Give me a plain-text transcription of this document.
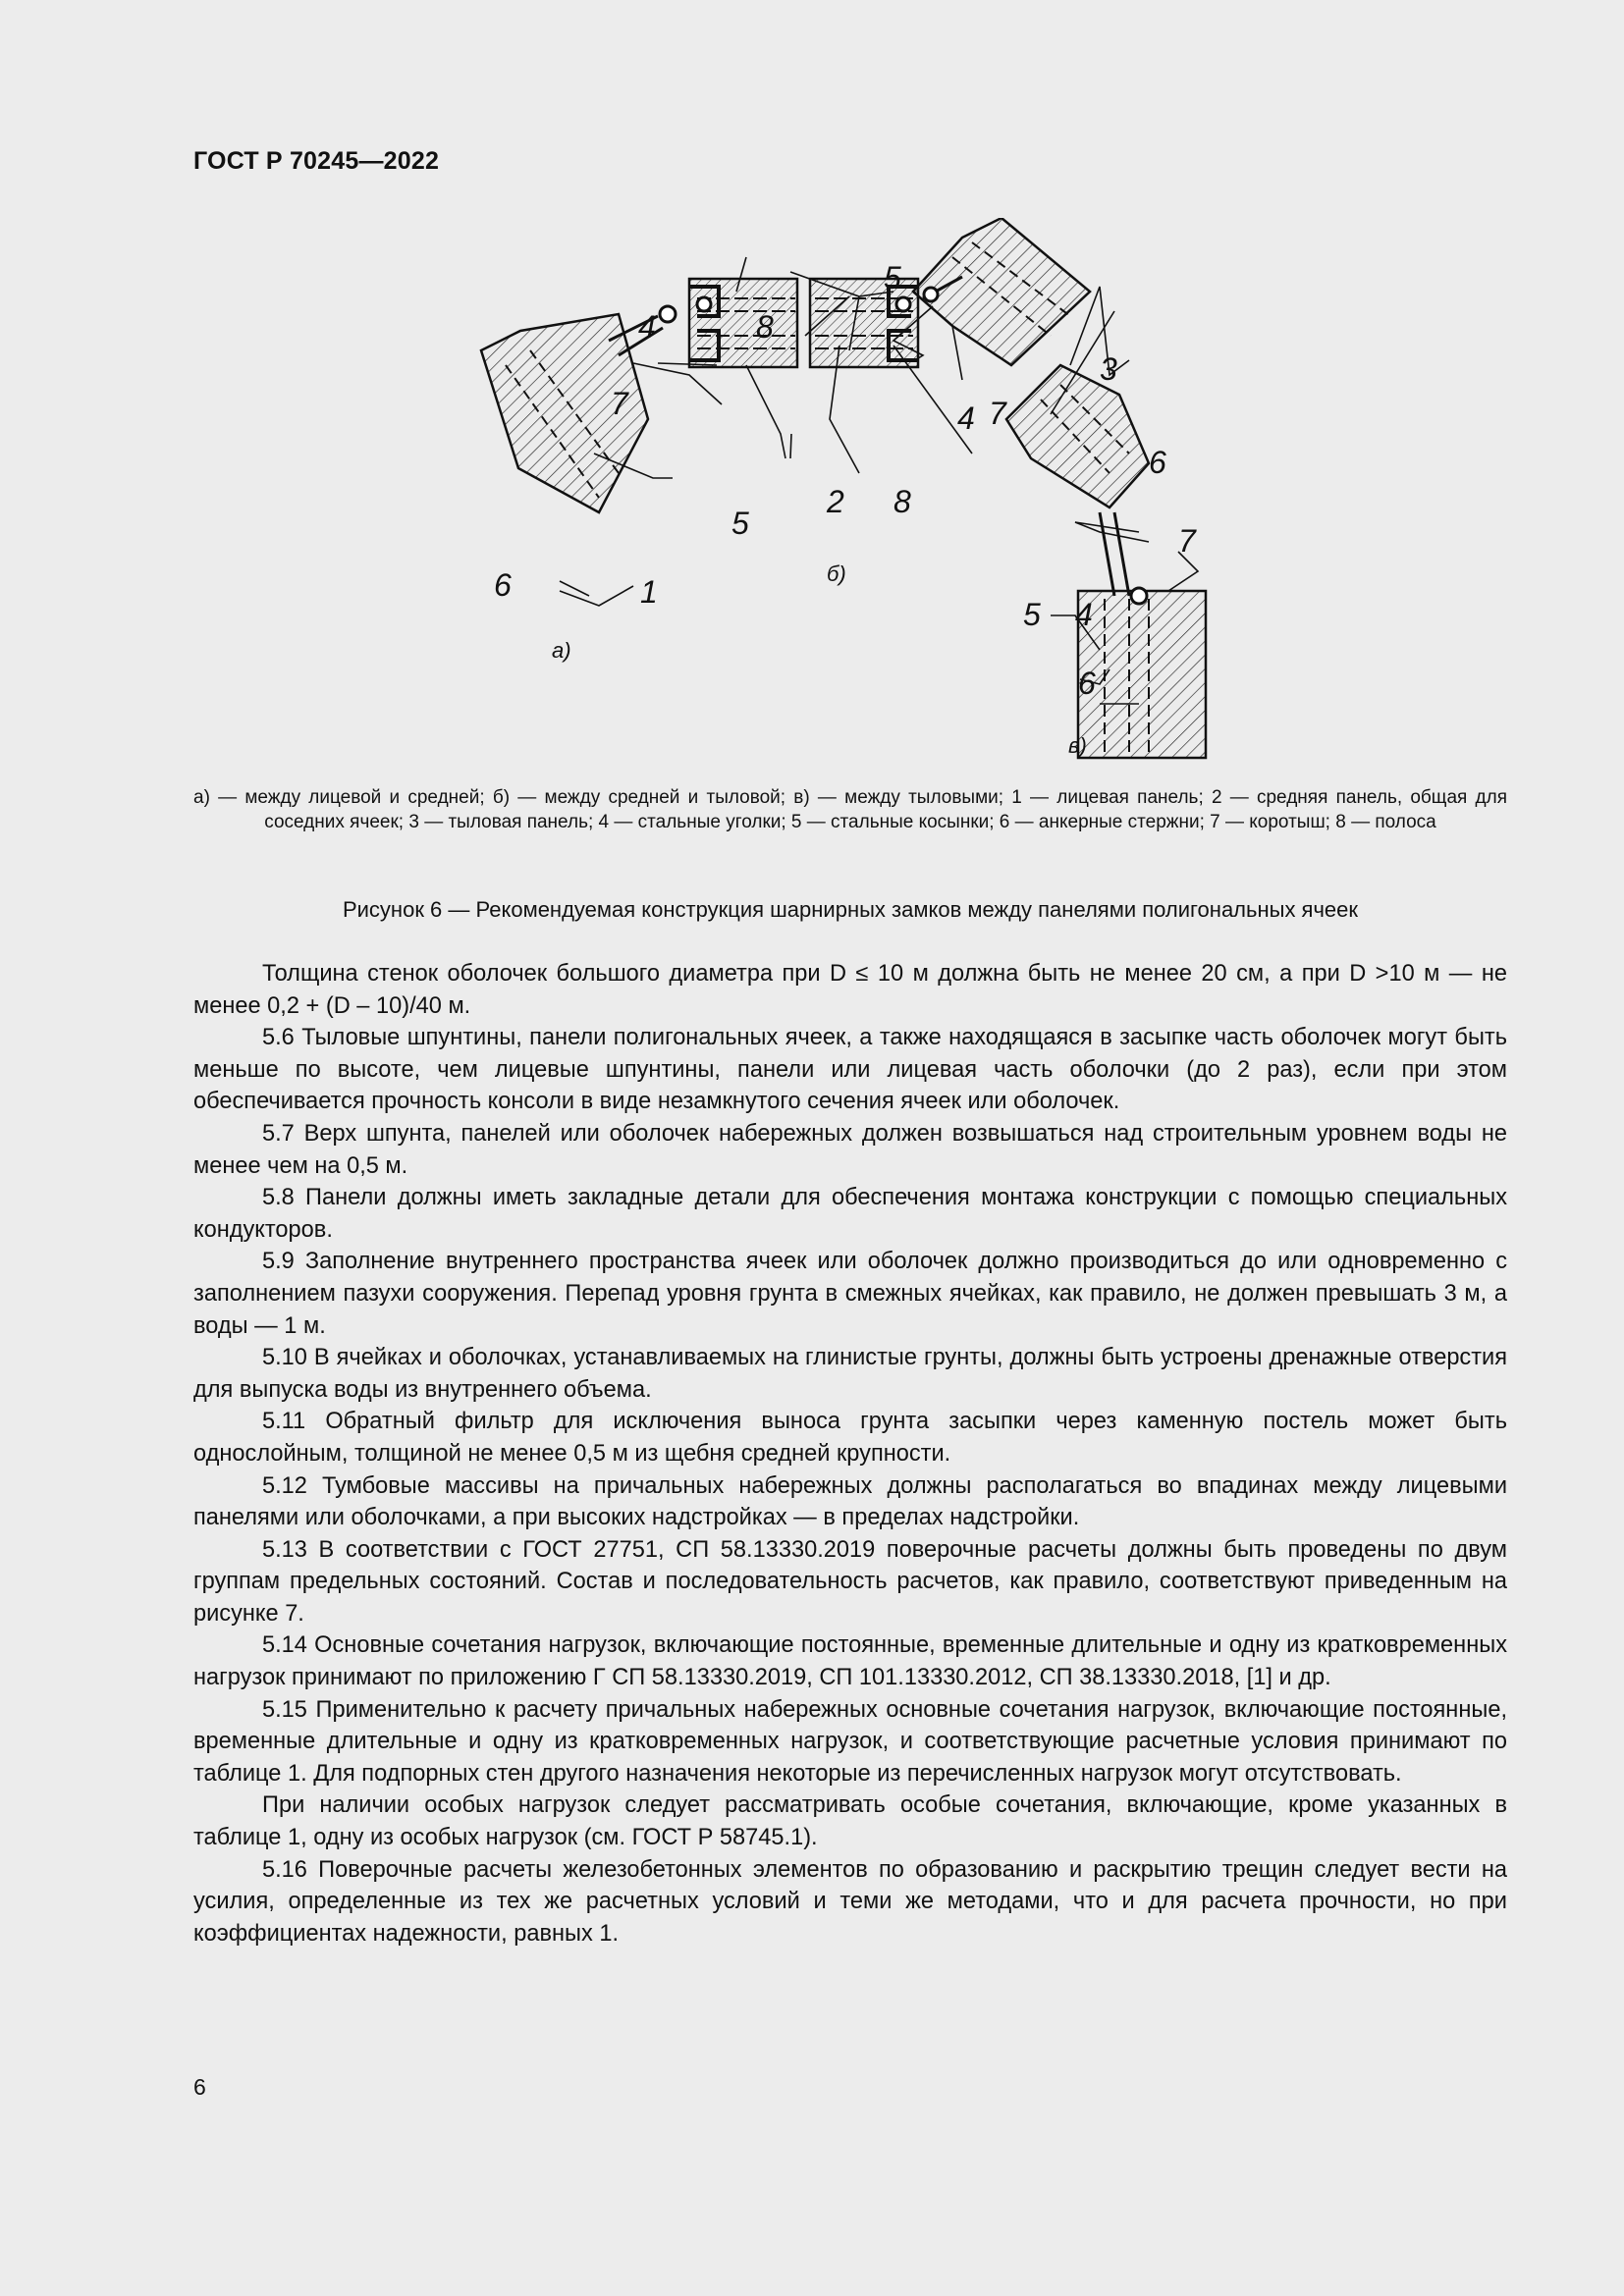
ГОСТ Р 70245—2022
1
2
3
4
4
4
5
5
5
6
6
6
7	7
7
8
8
а)
б)
в)
а) — между лицевой и средней; б) — между средней и тыловой; в) — между тыловыми; 1 — лицевая панель; 2 — средняя панель, общая для соседних ячеек; 3 — тыловая панель; 4 — стальные уголки; 5 — стальные косынки; 6 — анкерные стержни; 7 — коротыш; 8 — полоса
Рисунок 6 — Рекомендуемая конструкция шарнирных замков между панелями полигональных ячеек

Толщина стенок оболочек большого диаметра при D ≤ 10 м должна быть не менее 20 см, а при D >10 м — не менее 0,2 + (D – 10)/40 м.

5.6 Тыловые шпунтины, панели полигональных ячеек, а также находящаяся в засыпке часть оболочек могут быть меньше по высоте, чем лицевые шпунтины, панели или лицевая часть оболочки (до 2 раз), если при этом обеспечивается прочность консоли в виде незамкнутого сечения ячеек или оболочек.

5.7 Верх шпунта, панелей или оболочек набережных должен возвышаться над строительным уровнем воды не менее чем на 0,5 м.

5.8 Панели должны иметь закладные детали для обеспечения монтажа конструкции с помощью специальных кондукторов.

5.9 Заполнение внутреннего пространства ячеек или оболочек должно производиться до или одновременно с заполнением пазухи сооружения. Перепад уровня грунта в смежных ячейках, как правило, не должен превышать 3 м, а воды — 1 м.

5.10 В ячейках и оболочках, устанавливаемых на глинистые грунты, должны быть устроены дренажные отверстия для выпуска воды из внутреннего объема.

5.11 Обратный фильтр для исключения выноса грунта засыпки через каменную постель может быть однослойным, толщиной не менее 0,5 м из щебня средней крупности.

5.12 Тумбовые массивы на причальных набережных должны располагаться во впадинах между лицевыми панелями или оболочками, а при высоких надстройках — в пределах надстройки.

5.13 В соответствии с ГОСТ 27751, СП 58.13330.2019 поверочные расчеты должны быть проведены по двум группам предельных состояний. Состав и последовательность расчетов, как правило, соответствуют приведенным на рисунке 7.

5.14 Основные сочетания нагрузок, включающие постоянные, временные длительные и одну из кратковременных нагрузок принимают по приложению Г СП 58.13330.2019, СП 101.13330.2012, СП 38.13330.2018, [1] и др.

5.15 Применительно к расчету причальных набережных основные сочетания нагрузок, включающие постоянные, временные длительные и одну из кратковременных нагрузок, и соответствующие расчетные условия принимают по таблице 1. Для подпорных стен другого назначения некоторые из перечисленных нагрузок могут отсутствовать.

При наличии особых нагрузок следует рассматривать особые сочетания, включающие, кроме указанных в таблице 1, одну из особых нагрузок (см. ГОСТ Р 58745.1).

5.16 Поверочные расчеты железобетонных элементов по образованию и раскрытию трещин следует вести на усилия, определенные из тех же расчетных условий и теми же методами, что и для расчета прочности, но при коэффициентах надежности, равных 1.

6
